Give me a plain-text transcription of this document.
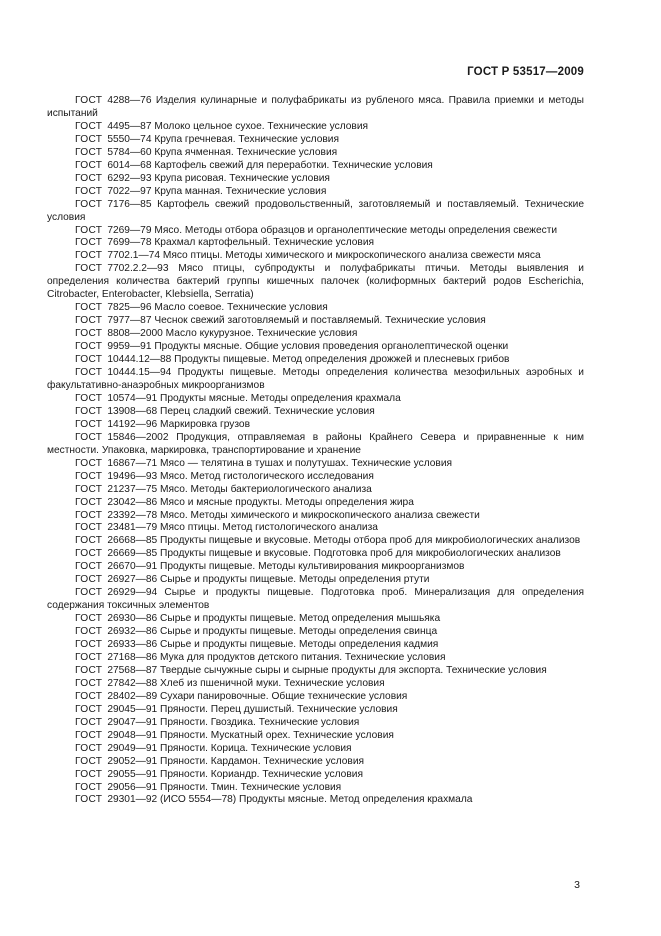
ГОСТ Р 53517—2009
ГОСТ 4288—76 Изделия кулинарные и полуфабрикаты из рубленого мяса. Правила приемки и методы испытаний
ГОСТ 4495—87 Молоко цельное сухое. Технические условия
ГОСТ 5550—74 Крупа гречневая. Технические условия
ГОСТ 5784—60 Крупа ячменная. Технические условия
ГОСТ 6014—68 Картофель свежий для переработки. Технические условия
ГОСТ 6292—93 Крупа рисовая. Технические условия
ГОСТ 7022—97 Крупа манная. Технические условия
ГОСТ 7176—85 Картофель свежий продовольственный, заготовляемый и поставляемый. Технические условия
ГОСТ 7269—79 Мясо. Методы отбора образцов и органолептические методы определения свежести
ГОСТ 7699—78 Крахмал картофельный. Технические условия
ГОСТ 7702.1—74 Мясо птицы. Методы химического и микроскопического анализа свежести мяса
ГОСТ 7702.2.2—93 Мясо птицы, субпродукты и полуфабрикаты птичьи. Методы выявления и определения количества бактерий группы кишечных палочек (колиформных бактерий родов Escherichia, Citrobacter, Enterobacter, Klebsiella, Serratia)
ГОСТ 7825—96 Масло соевое. Технические условия
ГОСТ 7977—87 Чеснок свежий заготовляемый и поставляемый. Технические условия
ГОСТ 8808—2000 Масло кукурузное. Технические условия
ГОСТ 9959—91 Продукты мясные. Общие условия проведения органолептической оценки
ГОСТ 10444.12—88 Продукты пищевые. Метод определения дрожжей и плесневых грибов
ГОСТ 10444.15—94 Продукты пищевые. Методы определения количества мезофильных аэробных и факультативно-анаэробных микроорганизмов
ГОСТ 10574—91 Продукты мясные. Методы определения крахмала
ГОСТ 13908—68 Перец сладкий свежий. Технические условия
ГОСТ 14192—96 Маркировка грузов
ГОСТ 15846—2002 Продукция, отправляемая в районы Крайнего Севера и приравненные к ним местности. Упаковка, маркировка, транспортирование и хранение
ГОСТ 16867—71 Мясо — телятина в тушах и полутушах. Технические условия
ГОСТ 19496—93 Мясо. Метод гистологического исследования
ГОСТ 21237—75 Мясо. Методы бактериологического анализа
ГОСТ 23042—86 Мясо и мясные продукты. Методы определения жира
ГОСТ 23392—78 Мясо. Методы химического и микроскопического анализа свежести
ГОСТ 23481—79 Мясо птицы. Метод гистологического анализа
ГОСТ 26668—85 Продукты пищевые и вкусовые. Методы отбора проб для микробиологических анализов
ГОСТ 26669—85 Продукты пищевые и вкусовые. Подготовка проб для микробиологических анализов
ГОСТ 26670—91 Продукты пищевые. Методы культивирования микроорганизмов
ГОСТ 26927—86 Сырье и продукты пищевые. Методы определения ртути
ГОСТ 26929—94 Сырье и продукты пищевые. Подготовка проб. Минерализация для определения содержания токсичных элементов
ГОСТ 26930—86 Сырье и продукты пищевые. Метод определения мышьяка
ГОСТ 26932—86 Сырье и продукты пищевые. Методы определения свинца
ГОСТ 26933—86 Сырье и продукты пищевые. Методы определения кадмия
ГОСТ 27168—86 Мука для продуктов детского питания. Технические условия
ГОСТ 27568—87 Твердые сычужные сыры и сырные продукты для экспорта. Технические условия
ГОСТ 27842—88 Хлеб из пшеничной муки. Технические условия
ГОСТ 28402—89 Сухари панировочные. Общие технические условия
ГОСТ 29045—91 Пряности. Перец душистый. Технические условия
ГОСТ 29047—91 Пряности. Гвоздика. Технические условия
ГОСТ 29048—91 Пряности. Мускатный орех. Технические условия
ГОСТ 29049—91 Пряности. Корица. Технические условия
ГОСТ 29052—91 Пряности. Кардамон. Технические условия
ГОСТ 29055—91 Пряности. Кориандр. Технические условия
ГОСТ 29056—91 Пряности. Тмин. Технические условия
ГОСТ 29301—92 (ИСО 5554—78) Продукты мясные. Метод определения крахмала
3
